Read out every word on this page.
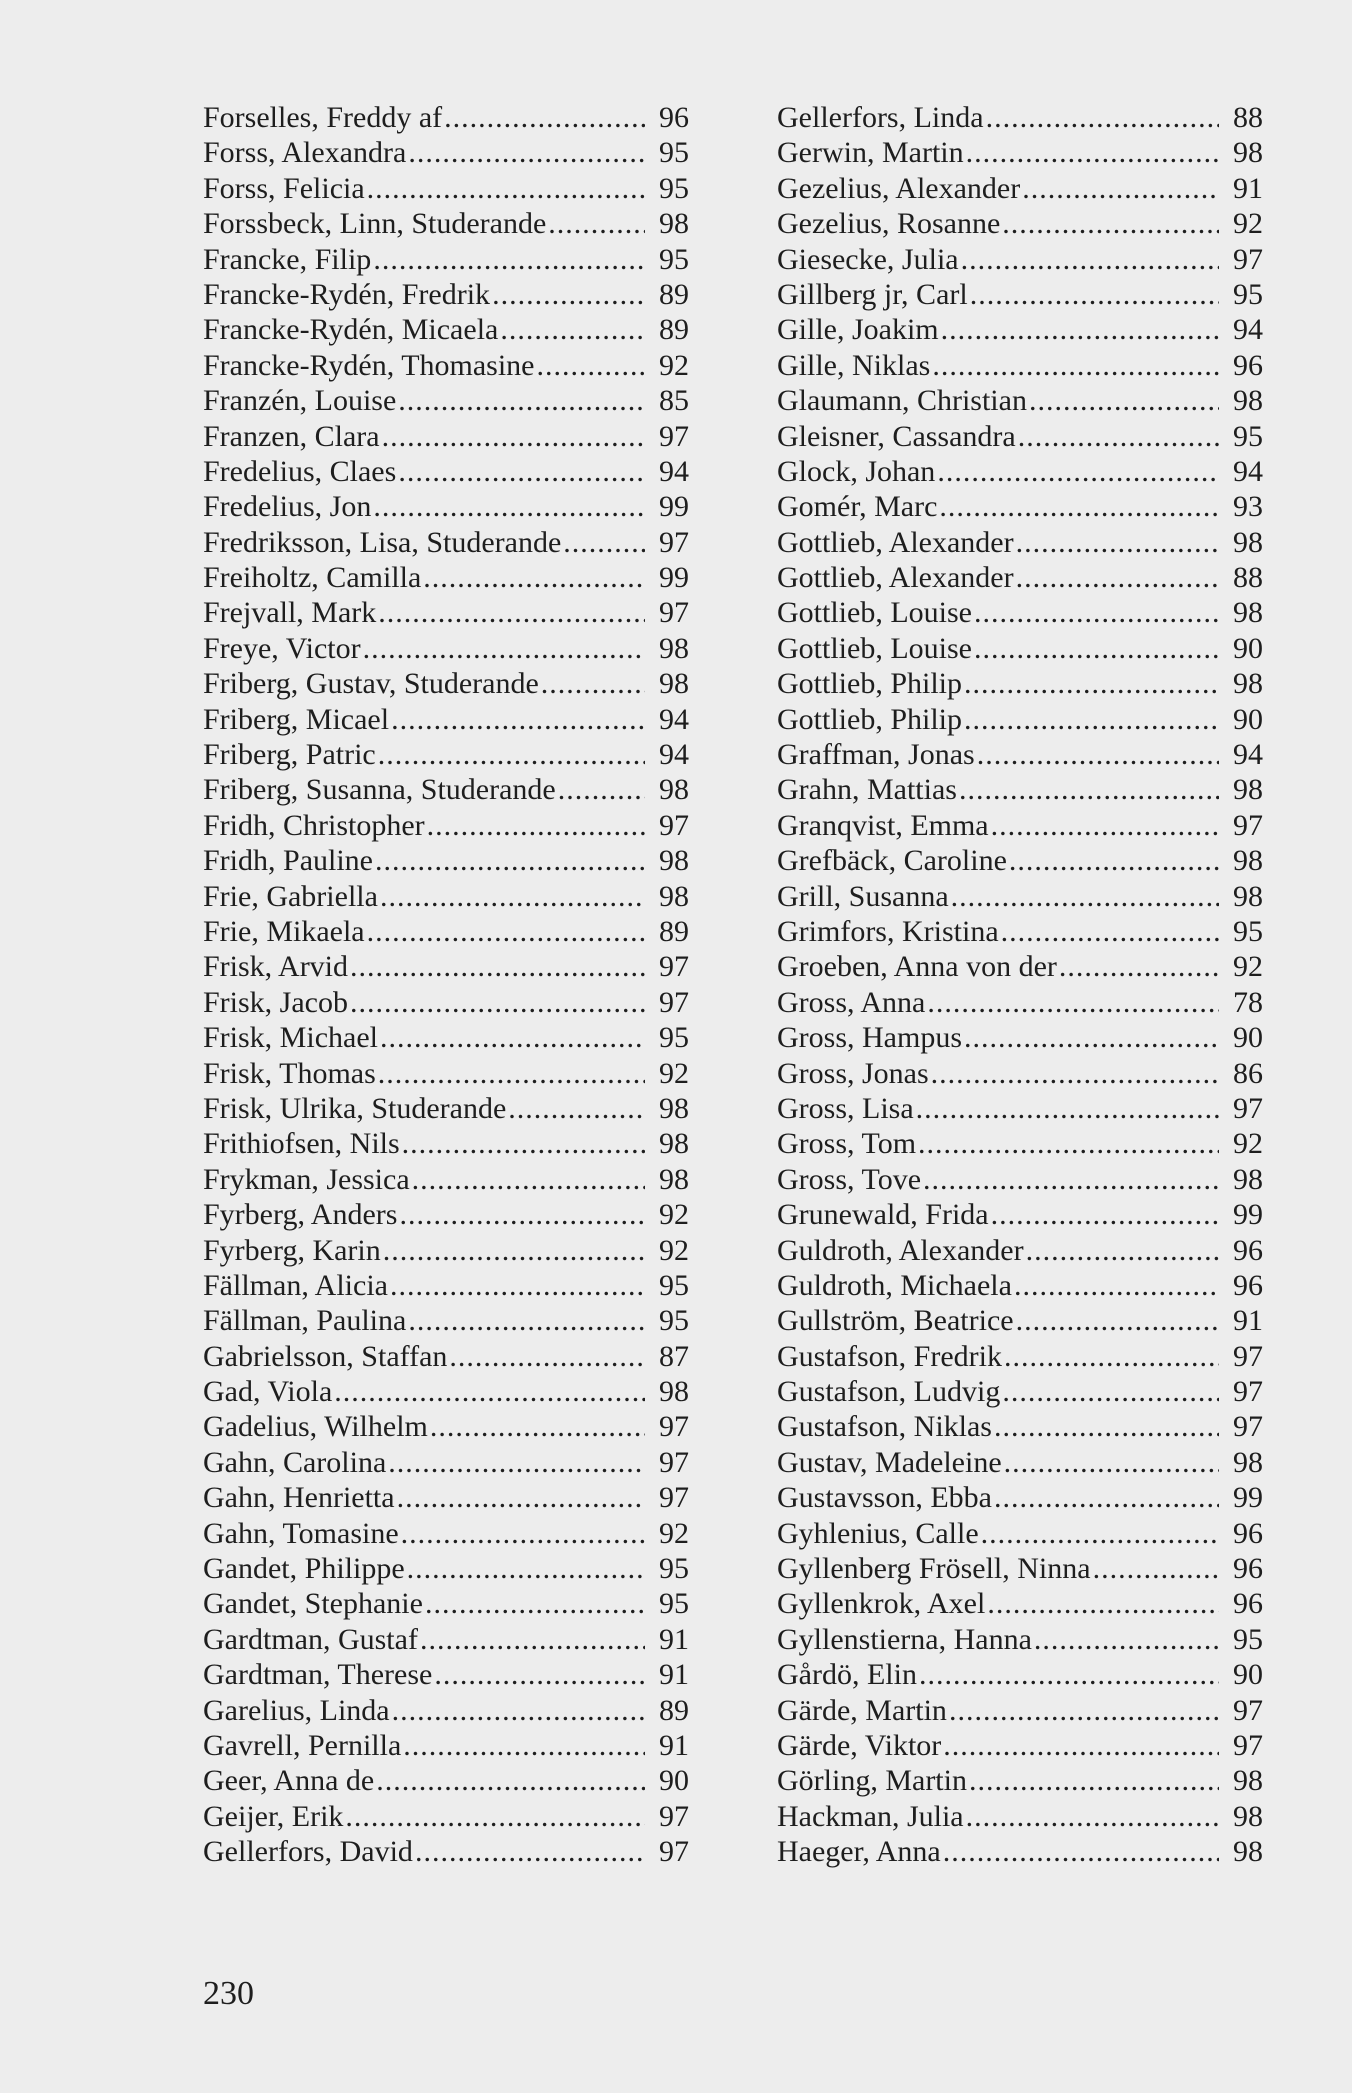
Forselles, Freddy af .....	96
Forss, Alexandra .....	95
Forss, Felicia .....	95
Forssbeck, Linn, Studerande .....	98
Francke, Filip .....	95
Francke-Rydén, Fredrik .....	89
Francke-Rydén, Micaela .....	89
Francke-Rydén, Thomasine .....	92
Franzén, Louise .....	85
Franzen, Clara .....	97
Fredelius, Claes .....	94
Fredelius, Jon .....	99
Fredriksson, Lisa, Studerande .....	97
Freiholtz, Camilla .....	99
Frejvall, Mark .....	97
Freye, Victor .....	98
Friberg, Gustav, Studerande .....	98
Friberg, Micael .....	94
Friberg, Patric .....	94
Friberg, Susanna, Studerande .....	98
Fridh, Christopher .....	97
Fridh, Pauline .....	98
Frie, Gabriella .....	98
Frie, Mikaela .....	89
Frisk, Arvid .....	97
Frisk, Jacob .....	97
Frisk, Michael .....	95
Frisk, Thomas .....	92
Frisk, Ulrika, Studerande .....	98
Frithiofsen, Nils .....	98
Frykman, Jessica .....	98
Fyrberg, Anders .....	92
Fyrberg, Karin .....	92
Fällman, Alicia .....	95
Fällman, Paulina .....	95
Gabrielsson, Staffan .....	87
Gad, Viola .....	98
Gadelius, Wilhelm .....	97
Gahn, Carolina .....	97
Gahn, Henrietta .....	97
Gahn, Tomasine .....	92
Gandet, Philippe .....	95
Gandet, Stephanie .....	95
Gardtman, Gustaf .....	91
Gardtman, Therese .....	91
Garelius, Linda .....	89
Gavrell, Pernilla .....	91
Geer, Anna de .....	90
Geijer, Erik .....	97
Gellerfors, David .....	97
Gellerfors, Linda .....	88
Gerwin, Martin .....	98
Gezelius, Alexander .....	91
Gezelius, Rosanne .....	92
Giesecke, Julia .....	97
Gillberg jr, Carl .....	95
Gille, Joakim .....	94
Gille, Niklas .....	96
Glaumann, Christian .....	98
Gleisner, Cassandra .....	95
Glock, Johan .....	94
Gomér, Marc .....	93
Gottlieb, Alexander .....	98
Gottlieb, Alexander .....	88
Gottlieb, Louise .....	98
Gottlieb, Louise .....	90
Gottlieb, Philip .....	98
Gottlieb, Philip .....	90
Graffman, Jonas .....	94
Grahn, Mattias .....	98
Granqvist, Emma .....	97
Grefbäck, Caroline .....	98
Grill, Susanna .....	98
Grimfors, Kristina .....	95
Groeben, Anna von der .....	92
Gross, Anna .....	78
Gross, Hampus .....	90
Gross, Jonas .....	86
Gross, Lisa .....	97
Gross, Tom .....	92
Gross, Tove .....	98
Grunewald, Frida .....	99
Guldroth, Alexander .....	96
Guldroth, Michaela .....	96
Gullström, Beatrice .....	91
Gustafson, Fredrik .....	97
Gustafson, Ludvig .....	97
Gustafson, Niklas .....	97
Gustav, Madeleine .....	98
Gustavsson, Ebba .....	99
Gyhlenius, Calle .....	96
Gyllenberg Frösell, Ninna .....	96
Gyllenkrok, Axel .....	96
Gyllenstierna, Hanna .....	95
Gårdö, Elin .....	90
Gärde, Martin .....	97
Gärde, Viktor .....	97
Görling, Martin .....	98
Hackman, Julia .....	98
Haeger, Anna .....	98
230
